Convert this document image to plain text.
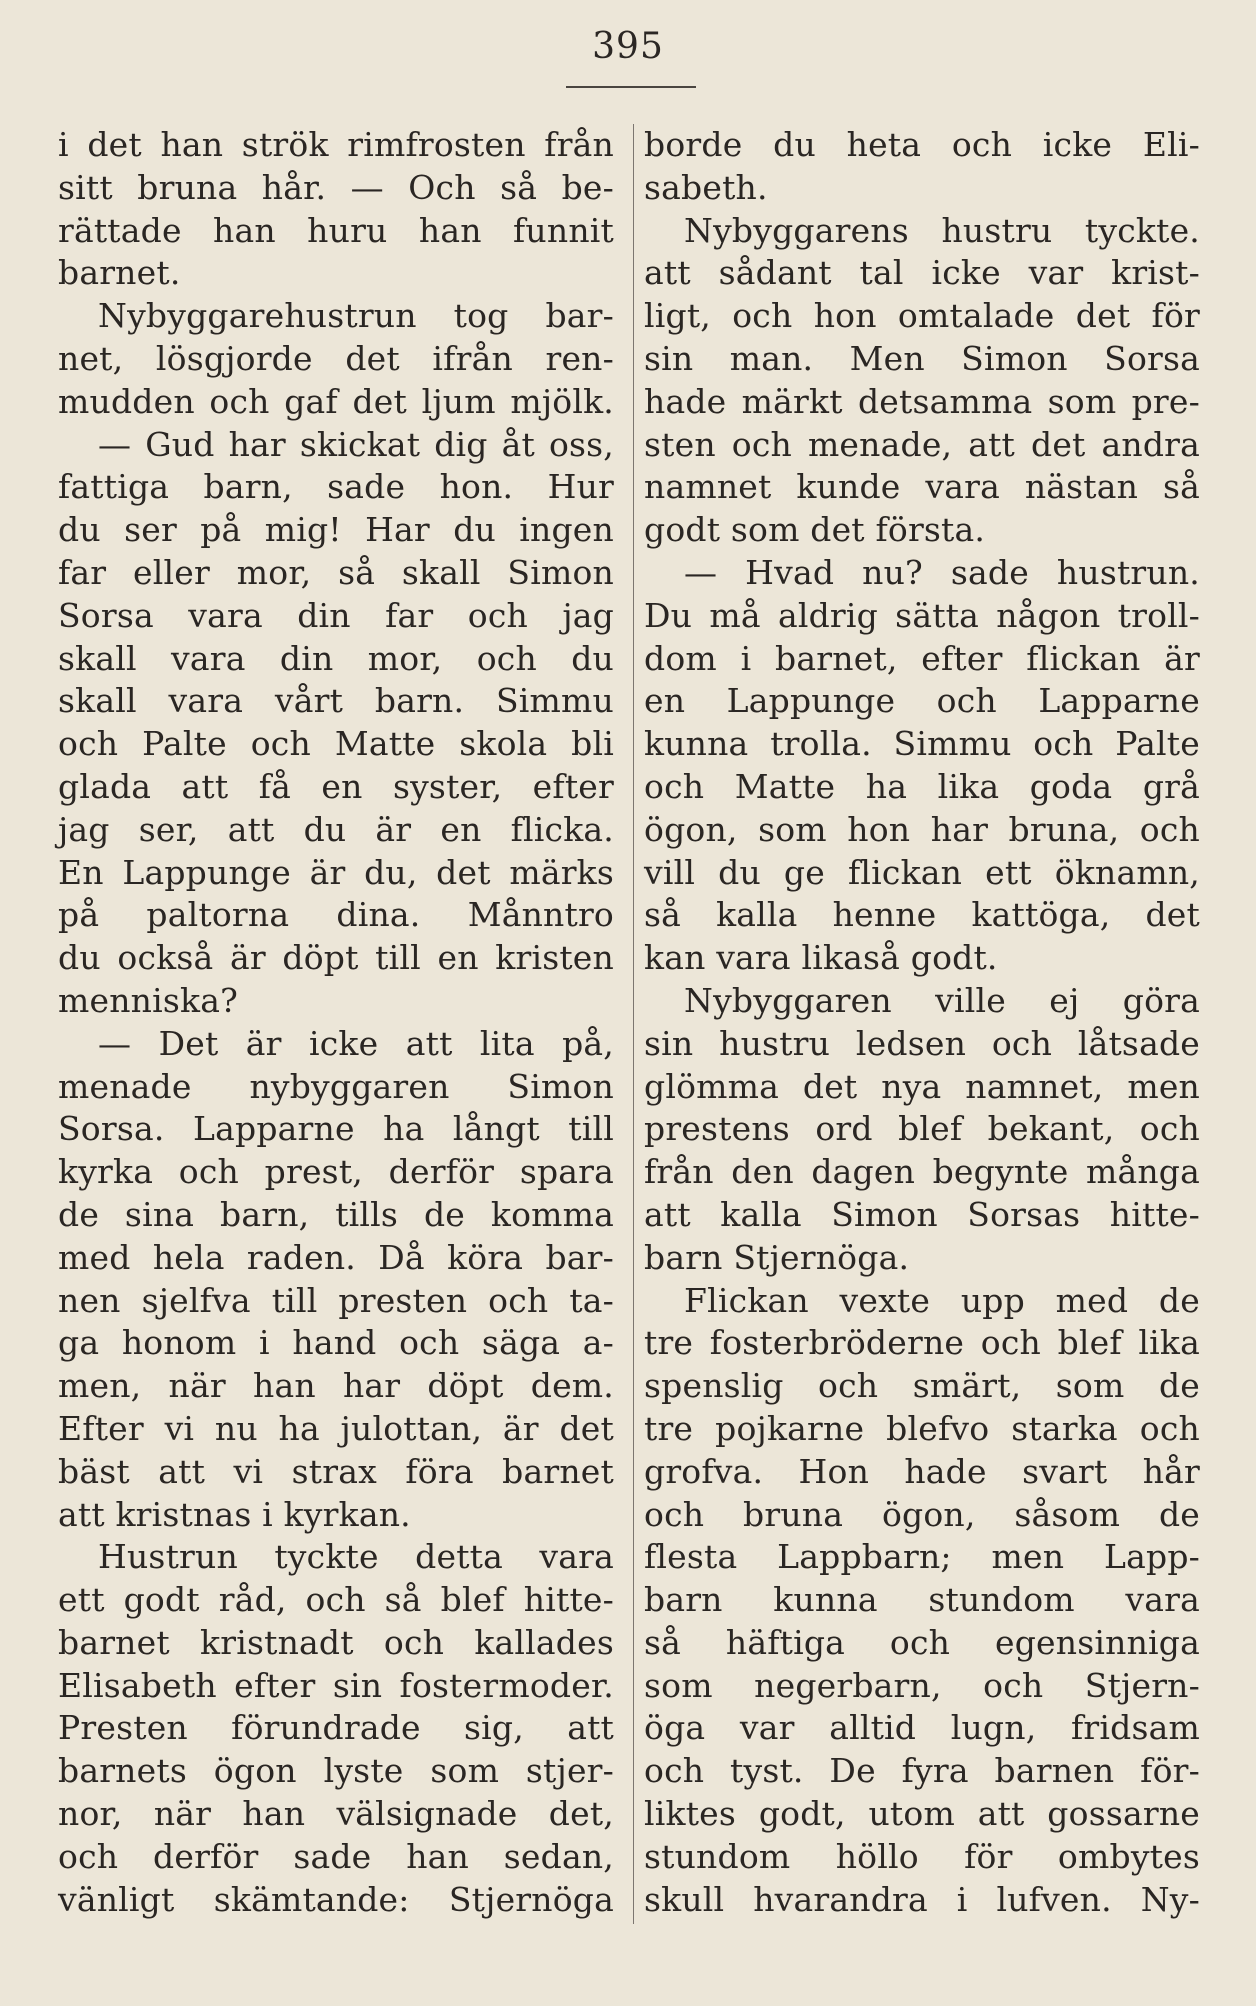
395
i det han strök rimfrosten från
sitt bruna hår. — Och så be-
rättade han huru han funnit
barnet.
Nybyggarehustrun tog bar-
net, lösgjorde det ifrån ren-
mudden och gaf det ljum mjölk.
— Gud har skickat dig åt oss,
fattiga barn, sade hon. Hur
du ser på mig! Har du ingen
far eller mor, så skall Simon
Sorsa vara din far och jag
skall vara din mor, och du
skall vara vårt barn. Simmu
och Palte och Matte skola bli
glada att få en syster, efter
jag ser, att du är en flicka.
En Lappunge är du, det märks
på paltorna dina. Månntro
du också är döpt till en kristen
menniska?
— Det är icke att lita på,
menade nybyggaren Simon
Sorsa. Lapparne ha långt till
kyrka och prest, derför spara
de sina barn, tills de komma
med hela raden. Då köra bar-
nen sjelfva till presten och ta-
ga honom i hand och säga a-
men, när han har döpt dem.
Efter vi nu ha julottan, är det
bäst att vi strax föra barnet
att kristnas i kyrkan.
Hustrun tyckte detta vara
ett godt råd, och så blef hitte-
barnet kristnadt och kallades
Elisabeth efter sin fostermoder.
Presten förundrade sig, att
barnets ögon lyste som stjer-
nor, när han välsignade det,
och derför sade han sedan,
vänligt skämtande: Stjernöga
borde du heta och icke Eli-
sabeth.
Nybyggarens hustru tyckte.
att sådant tal icke var krist-
ligt, och hon omtalade det för
sin man. Men Simon Sorsa
hade märkt detsamma som pre-
sten och menade, att det andra
namnet kunde vara nästan så
godt som det första.
— Hvad nu? sade hustrun.
Du må aldrig sätta någon troll-
dom i barnet, efter flickan är
en Lappunge och Lapparne
kunna trolla. Simmu och Palte
och Matte ha lika goda grå
ögon, som hon har bruna, och
vill du ge flickan ett öknamn,
så kalla henne kattöga, det
kan vara likaså godt.
Nybyggaren ville ej göra
sin hustru ledsen och låtsade
glömma det nya namnet, men
prestens ord blef bekant, och
från den dagen begynte många
att kalla Simon Sorsas hitte-
barn Stjernöga.
Flickan vexte upp med de
tre fosterbröderne och blef lika
spenslig och smärt, som de
tre pojkarne blefvo starka och
grofva. Hon hade svart hår
och bruna ögon, såsom de
flesta Lappbarn; men Lapp-
barn kunna stundom vara
så häftiga och egensinniga
som negerbarn, och Stjern-
öga var alltid lugn, fridsam
och tyst. De fyra barnen för-
liktes godt, utom att gossarne
stundom höllo för ombytes
skull hvarandra i lufven. Ny-
